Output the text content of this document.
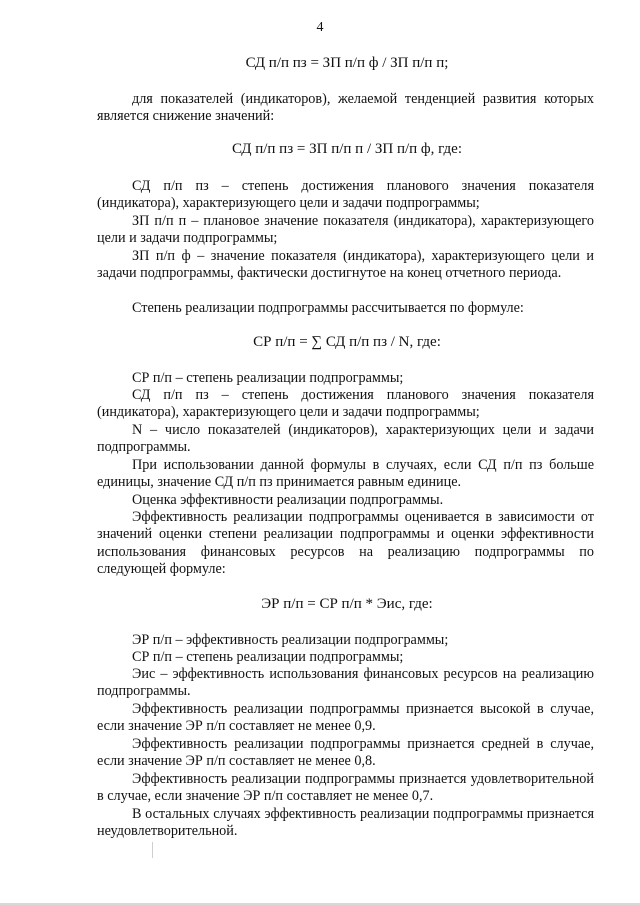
4
СД п/п пз = ЗП п/п ф / ЗП п/п п;

для показателей (индикаторов), желаемой тенденцией развития которых является снижение значений:

СД п/п пз = ЗП п/п п / ЗП п/п ф, где:

СД п/п пз – степень достижения планового значения показателя (индикатора), характеризующего цели и задачи подпрограммы;

ЗП п/п п – плановое значение показателя (индикатора), характеризующего цели и задачи подпрограммы;

ЗП п/п ф – значение показателя (индикатора), характеризующего цели и задачи подпрограммы, фактически достигнутое на конец отчетного периода.

Степень реализации подпрограммы рассчитывается по формуле:

СР п/п = ∑ СД п/п пз / N, где:

СР п/п – степень реализации подпрограммы;

СД п/п пз – степень достижения планового значения показателя (индикатора), характеризующего цели и задачи подпрограммы;

N – число показателей (индикаторов), характеризующих цели и задачи подпрограммы.

При использовании данной формулы в случаях, если СД п/п пз больше единицы, значение СД п/п пз принимается равным единице.

Оценка эффективности реализации подпрограммы.

Эффективность реализации подпрограммы оценивается в зависимости от значений оценки степени реализации подпрограммы и оценки эффективности использования финансовых ресурсов на реализацию подпрограммы по следующей формуле:

ЭР п/п = СР п/п * Эис, где:

ЭР п/п – эффективность реализации подпрограммы;

СР п/п – степень реализации подпрограммы;

Эис – эффективность использования финансовых ресурсов на реализацию подпрограммы.

Эффективность реализации подпрограммы признается высокой в случае, если значение ЭР п/п составляет не менее 0,9.

Эффективность реализации подпрограммы признается средней в случае, если значение ЭР п/п составляет не менее 0,8.

Эффективность реализации подпрограммы признается удовлетворительной в случае, если значение ЭР п/п составляет не менее 0,7.

В остальных случаях эффективность реализации подпрограммы признается неудовлетворительной.
